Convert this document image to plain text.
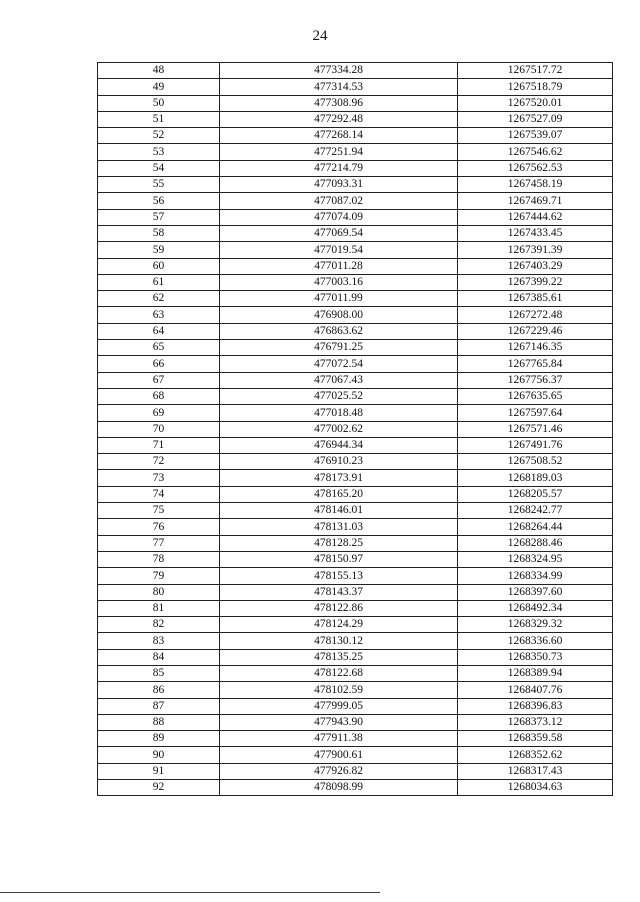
24
48	477334.28	1267517.72
49	477314.53	1267518.79
50	477308.96	1267520.01
51	477292.48	1267527.09
52	477268.14	1267539.07
53	477251.94	1267546.62
54	477214.79	1267562.53
55	477093.31	1267458.19
56	477087.02	1267469.71
57	477074.09	1267444.62
58	477069.54	1267433.45
59	477019.54	1267391.39
60	477011.28	1267403.29
61	477003.16	1267399.22
62	477011.99	1267385.61
63	476908.00	1267272.48
64	476863.62	1267229.46
65	476791.25	1267146.35
66	477072.54	1267765.84
67	477067.43	1267756.37
68	477025.52	1267635.65
69	477018.48	1267597.64
70	477002.62	1267571.46
71	476944.34	1267491.76
72	476910.23	1267508.52
73	478173.91	1268189.03
74	478165.20	1268205.57
75	478146.01	1268242.77
76	478131.03	1268264.44
77	478128.25	1268288.46
78	478150.97	1268324.95
79	478155.13	1268334.99
80	478143.37	1268397.60
81	478122.86	1268492.34
82	478124.29	1268329.32
83	478130.12	1268336.60
84	478135.25	1268350.73
85	478122.68	1268389.94
86	478102.59	1268407.76
87	477999.05	1268396.83
88	477943.90	1268373.12
89	477911.38	1268359.58
90	477900.61	1268352.62
91	477926.82	1268317.43
92	478098.99	1268034.63
